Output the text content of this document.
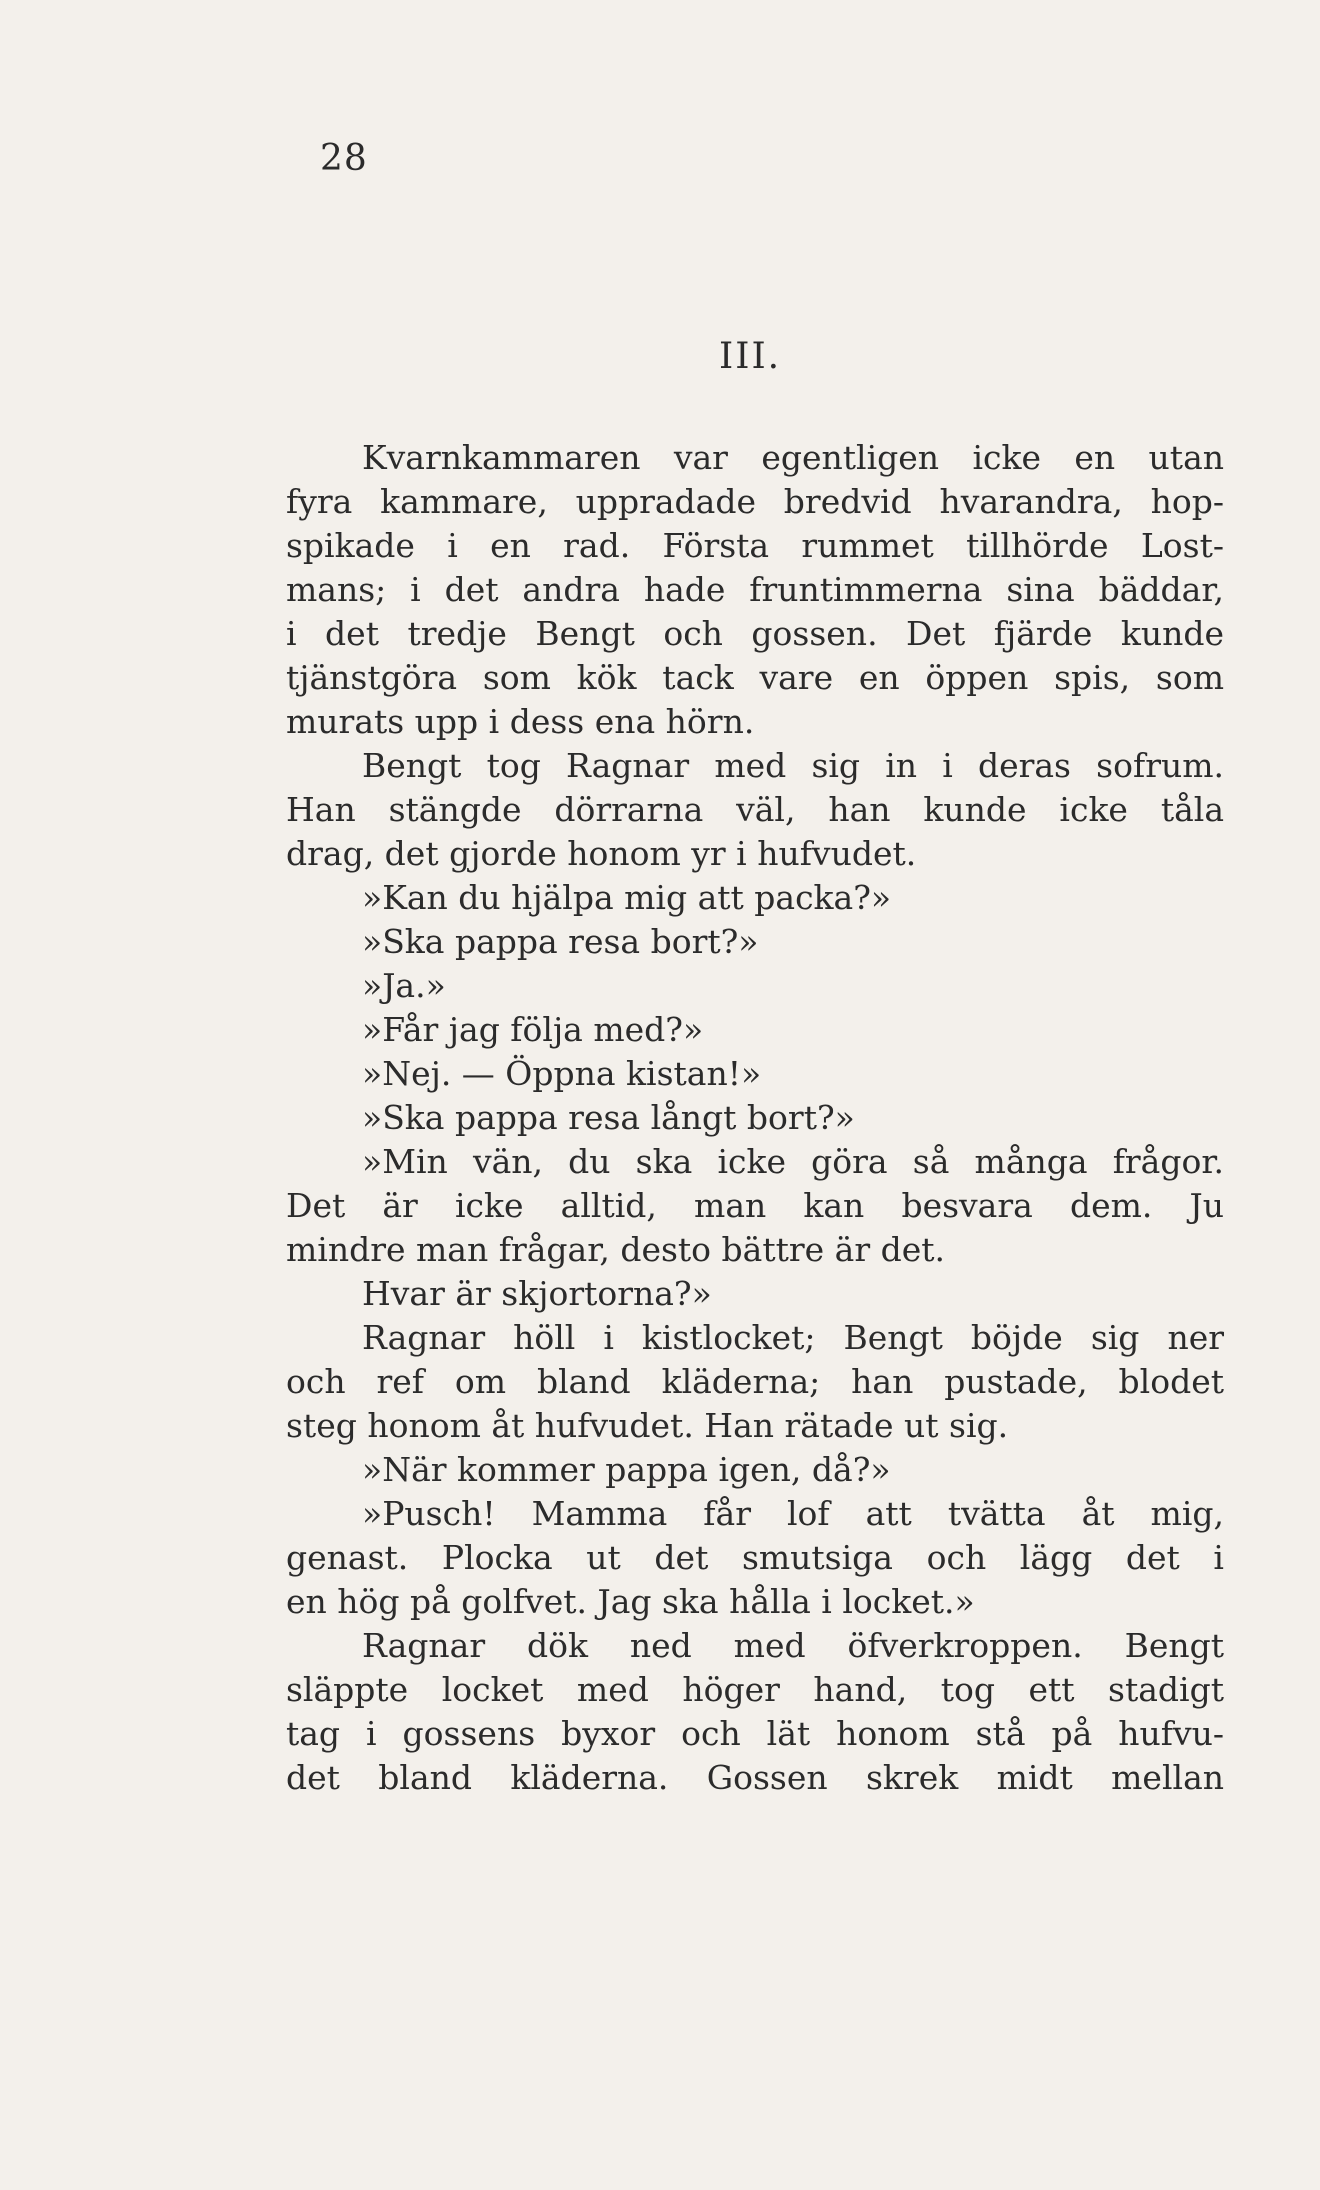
28
III.
Kvarnkammaren var egentligen icke en utan
fyra kammare, uppradade bredvid hvarandra, hop-
spikade i en rad. Första rummet tillhörde Lost-
mans; i det andra hade fruntimmerna sina bäddar,
i det tredje Bengt och gossen. Det fjärde kunde
tjänstgöra som kök tack vare en öppen spis, som
murats upp i dess ena hörn.
Bengt tog Ragnar med sig in i deras sofrum.
Han stängde dörrarna väl, han kunde icke tåla
drag, det gjorde honom yr i hufvudet.
»Kan du hjälpa mig att packa?»
»Ska pappa resa bort?»
»Ja.»
»Får jag följa med?»
»Nej. — Öppna kistan!»
»Ska pappa resa långt bort?»
»Min vän, du ska icke göra så många frågor.
Det är icke alltid, man kan besvara dem. Ju
mindre man frågar, desto bättre är det.
Hvar är skjortorna?»
Ragnar höll i kistlocket; Bengt böjde sig ner
och ref om bland kläderna; han pustade, blodet
steg honom åt hufvudet. Han rätade ut sig.
»När kommer pappa igen, då?»
»Pusch! Mamma får lof att tvätta åt mig,
genast. Plocka ut det smutsiga och lägg det i
en hög på golfvet. Jag ska hålla i locket.»
Ragnar dök ned med öfverkroppen. Bengt
släppte locket med höger hand, tog ett stadigt
tag i gossens byxor och lät honom stå på hufvu-
det bland kläderna. Gossen skrek midt mellan
